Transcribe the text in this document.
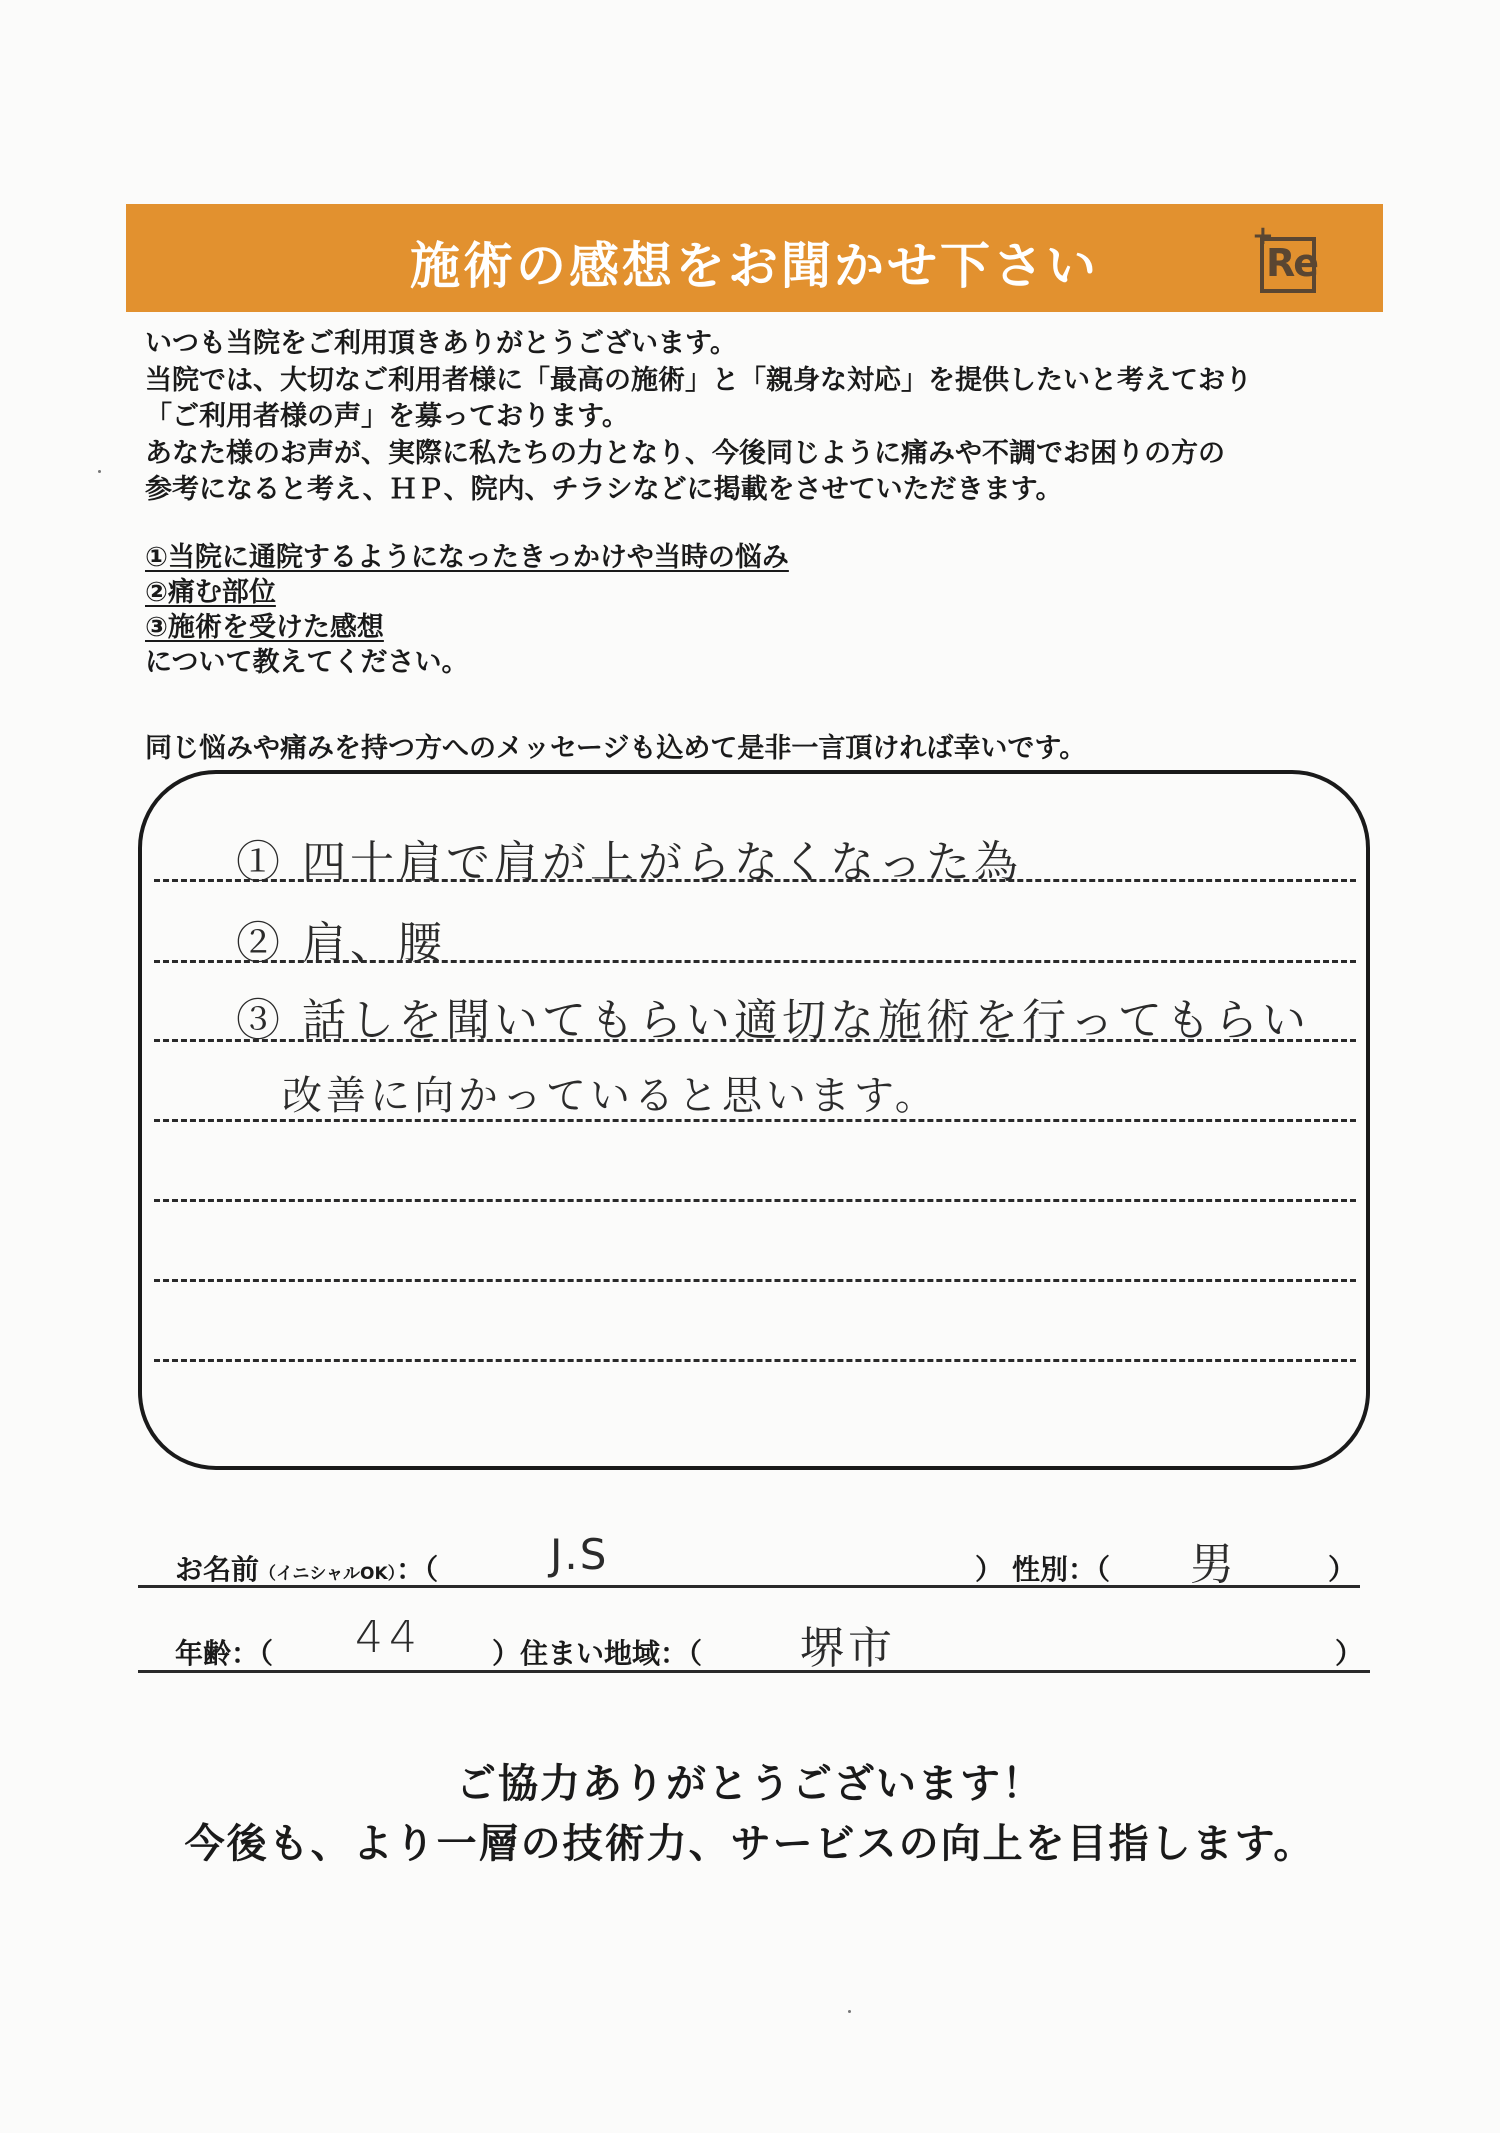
施術の感想をお聞かせ下さい
+
Re

いつも当院をご利用頂きありがとうございます。

当院では、大切なご利用者様に「最高の施術」と「親身な対応」を提供したいと考えており

「ご利用者様の声」を募っております。

あなた様のお声が、実際に私たちの力となり、今後同じように痛みや不調でお困りの方の

参考になると考え、ＨＰ、院内、チラシなどに掲載をさせていただきます。

①当院に通院するようになったきっかけや当時の悩み

②痛む部位

③施術を受けた感想

について教えてください。

同じ悩みや痛みを持つ方へのメッセージも込めて是非一言頂ければ幸いです。
① 四十肩で肩が上がらなくなった為
② 肩、腰
③ 話しを聞いてもらい適切な施術を行ってもらい
改善に向かっていると思います。
お名前（イニシャルOK）：（	J.S	） 性別：（ 男	）
年齢：（ 44 ）住まい地域：（ 堺市	）
ご協力ありがとうございます！
今後も、より一層の技術力、サービスの向上を目指します。
